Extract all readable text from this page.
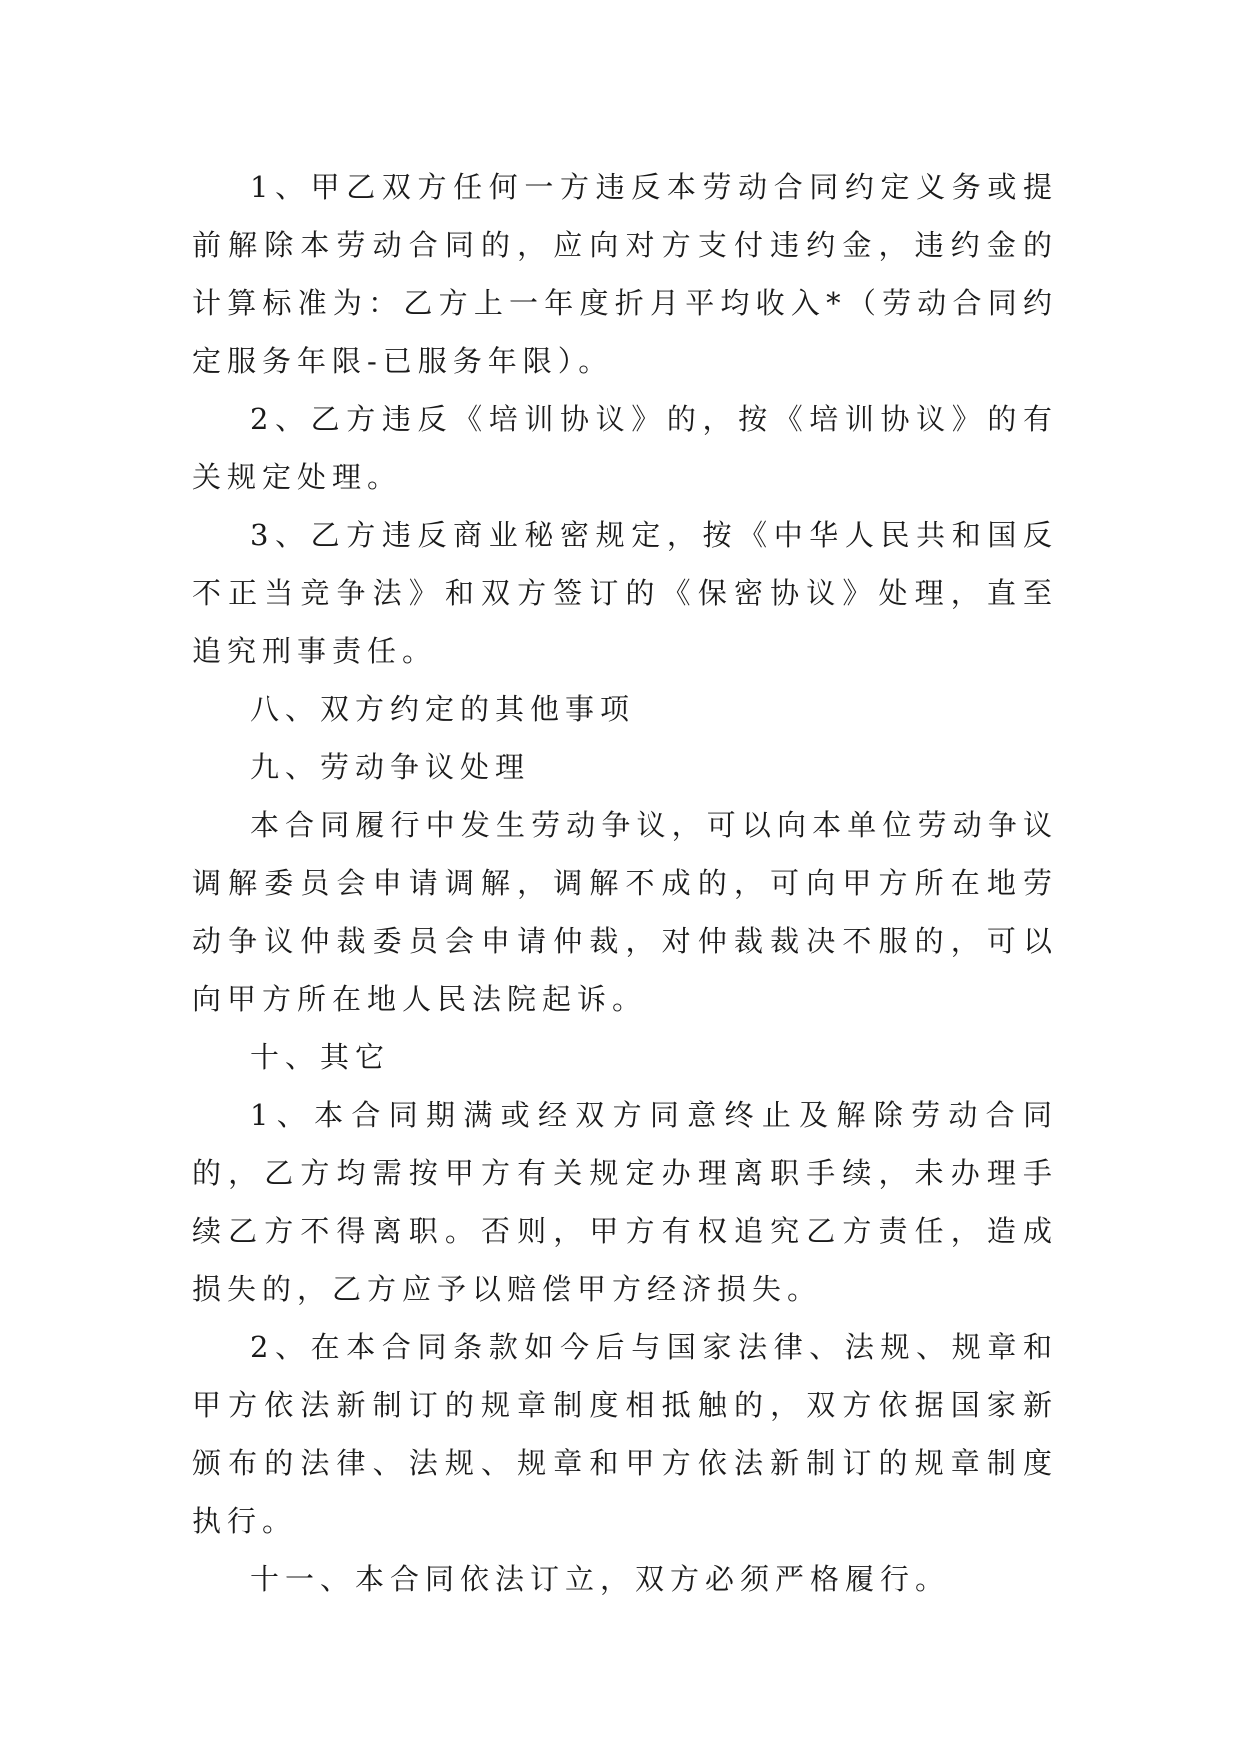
1、甲乙双方任何一方违反本劳动合同约定义务或提前解除本劳动合同的，应向对方支付违约金，违约金的计算标准为：乙方上一年度折月平均收入*（劳动合同约定服务年限-已服务年限）。

2、乙方违反《培训协议》的，按《培训协议》的有关规定处理。

3、乙方违反商业秘密规定，按《中华人民共和国反不正当竞争法》和双方签订的《保密协议》处理，直至追究刑事责任。

八、双方约定的其他事项

九、劳动争议处理

本合同履行中发生劳动争议，可以向本单位劳动争议调解委员会申请调解，调解不成的，可向甲方所在地劳动争议仲裁委员会申请仲裁，对仲裁裁决不服的，可以向甲方所在地人民法院起诉。

十、其它

1、本合同期满或经双方同意终止及解除劳动合同的，乙方均需按甲方有关规定办理离职手续，未办理手续乙方不得离职。否则，甲方有权追究乙方责任，造成损失的，乙方应予以赔偿甲方经济损失。

2、在本合同条款如今后与国家法律、法规、规章和甲方依法新制订的规章制度相抵触的，双方依据国家新颁布的法律、法规、规章和甲方依法新制订的规章制度执行。

十一、本合同依法订立，双方必须严格履行。
